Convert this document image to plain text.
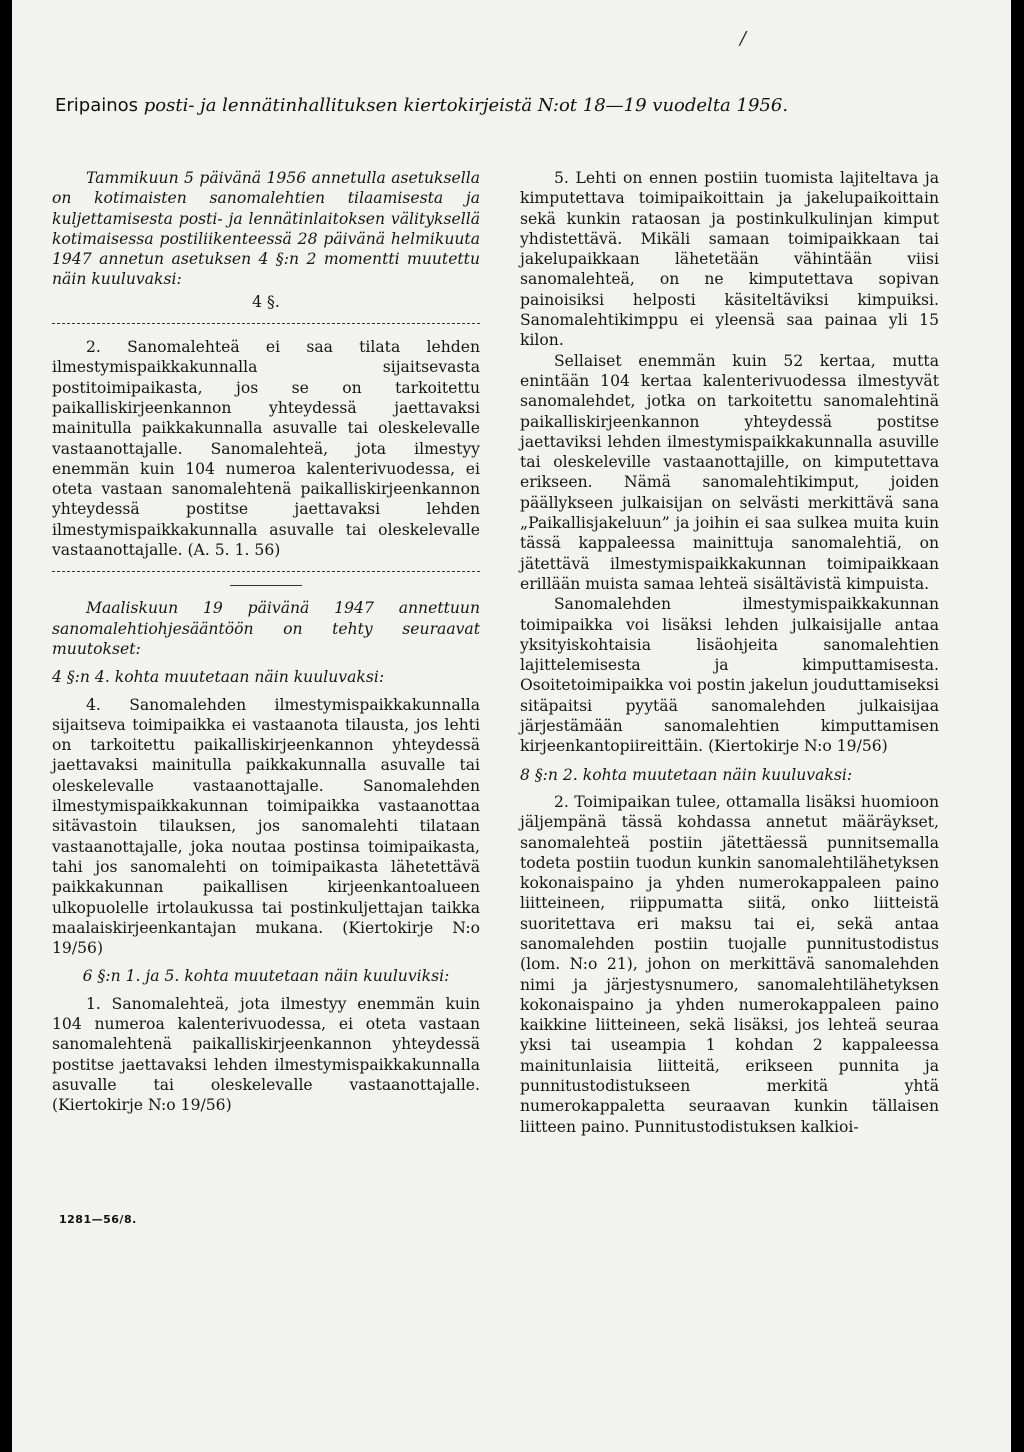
/
Eripainos posti- ja lennätinhallituksen kiertokirjeistä N:ot 18—19 vuodelta 1956.

Tammikuun 5 päivänä 1956 annetulla asetuksella on kotimaisten sanomalehtien tilaamisesta ja kuljettamisesta posti- ja lennätinlaitoksen välityksellä kotimaisessa postiliikenteessä 28 päivänä helmikuuta 1947 annetun asetuksen 4 §:n 2 momentti muutettu näin kuuluvaksi:

4 §.

2. Sanomalehteä ei saa tilata lehden ilmestymispaikkakunnalla sijaitsevasta postitoimipaikasta, jos se on tarkoitettu paikalliskirjeenkannon yhteydessä jaettavaksi mainitulla paikkakunnalla asuvalle tai oleskelevalle vastaanottajalle. Sanomalehteä, jota ilmestyy enemmän kuin 104 numeroa kalenterivuodessa, ei oteta vastaan sanomalehtenä paikalliskirjeenkannon yhteydessä postitse jaettavaksi lehden ilmestymispaikkakunnalla asuvalle tai oleskelevalle vastaanottajalle. (A. 5. 1. 56)

Maaliskuun 19 päivänä 1947 annettuun sanomalehtiohjesääntöön on tehty seuraavat muutokset:

4 §:n 4. kohta muutetaan näin kuuluvaksi:

4. Sanomalehden ilmestymispaikkakunnalla sijaitseva toimipaikka ei vastaanota tilausta, jos lehti on tarkoitettu paikalliskirjeenkannon yhteydessä jaettavaksi mainitulla paikkakunnalla asuvalle tai oleskelevalle vastaanottajalle. Sanomalehden ilmestymispaikkakunnan toimipaikka vastaanottaa sitävastoin tilauksen, jos sanomalehti tilataan vastaanottajalle, joka noutaa postinsa toimipaikasta, tahi jos sanomalehti on toimipaikasta lähetettävä paikkakunnan paikallisen kirjeenkantoalueen ulkopuolelle irtolaukussa tai postinkuljettajan taikka maalaiskirjeenkantajan mukana. (Kiertokirje N:o 19/56)

6 §:n 1. ja 5. kohta muutetaan näin kuuluviksi:

1. Sanomalehteä, jota ilmestyy enemmän kuin 104 numeroa kalenterivuodessa, ei oteta vastaan sanomalehtenä paikalliskirjeenkannon yhteydessä postitse jaettavaksi lehden ilmestymispaikkakunnalla asuvalle tai oleskelevalle vastaanottajalle. (Kiertokirje N:o 19/56)

5. Lehti on ennen postiin tuomista lajiteltava ja kimputettava toimipaikoittain ja jakelupaikoittain sekä kunkin rataosan ja postinkulkulinjan kimput yhdistettävä. Mikäli samaan toimipaikkaan tai jakelupaikkaan lähetetään vähintään viisi sanomalehteä, on ne kimputettava sopivan painoisiksi helposti käsiteltäviksi kimpuiksi. Sanomalehtikimppu ei yleensä saa painaa yli 15 kilon.

Sellaiset enemmän kuin 52 kertaa, mutta enintään 104 kertaa kalenterivuodessa ilmestyvät sanomalehdet, jotka on tarkoitettu sanomalehtinä paikalliskirjeenkannon yhteydessä postitse jaettaviksi lehden ilmestymispaikkakunnalla asuville tai oleskeleville vastaanottajille, on kimputettava erikseen. Nämä sanomalehtikimput, joiden päällykseen julkaisijan on selvästi merkittävä sana „Paikallisjakeluun” ja joihin ei saa sulkea muita kuin tässä kappaleessa mainittuja sanomalehtiä, on jätettävä ilmestymispaikkakunnan toimipaikkaan erillään muista samaa lehteä sisältävistä kimpuista.

Sanomalehden ilmestymispaikkakunnan toimipaikka voi lisäksi lehden julkaisijalle antaa yksityiskohtaisia lisäohjeita sanomalehtien lajittelemisesta ja kimputtamisesta. Osoitetoimipaikka voi postin jakelun jouduttamiseksi sitäpaitsi pyytää sanomalehden julkaisijaa järjestämään sanomalehtien kimputtamisen kirjeenkantopiireittäin. (Kiertokirje N:o 19/56)

8 §:n 2. kohta muutetaan näin kuuluvaksi:

2. Toimipaikan tulee, ottamalla lisäksi huomioon jäljempänä tässä kohdassa annetut määräykset, sanomalehteä postiin jätettäessä punnitsemalla todeta postiin tuodun kunkin sanomalehtilähetyksen kokonaispaino ja yhden numerokappaleen paino liitteineen, riippumatta siitä, onko liitteistä suoritettava eri maksu tai ei, sekä antaa sanomalehden postiin tuojalle punnitustodistus (lom. N:o 21), johon on merkittävä sanomalehden nimi ja järjestysnumero, sanomalehtilähetyksen kokonaispaino ja yhden numerokappaleen paino kaikkine liitteineen, sekä lisäksi, jos lehteä seuraa yksi tai useampia 1 kohdan 2 kappaleessa mainitunlaisia liitteitä, erikseen punnita ja punnitustodistukseen merkitä yhtä numerokappaletta seuraavan kunkin tällaisen liitteen paino. Punnitustodistuksen kalkioi-

1281—56/8.
